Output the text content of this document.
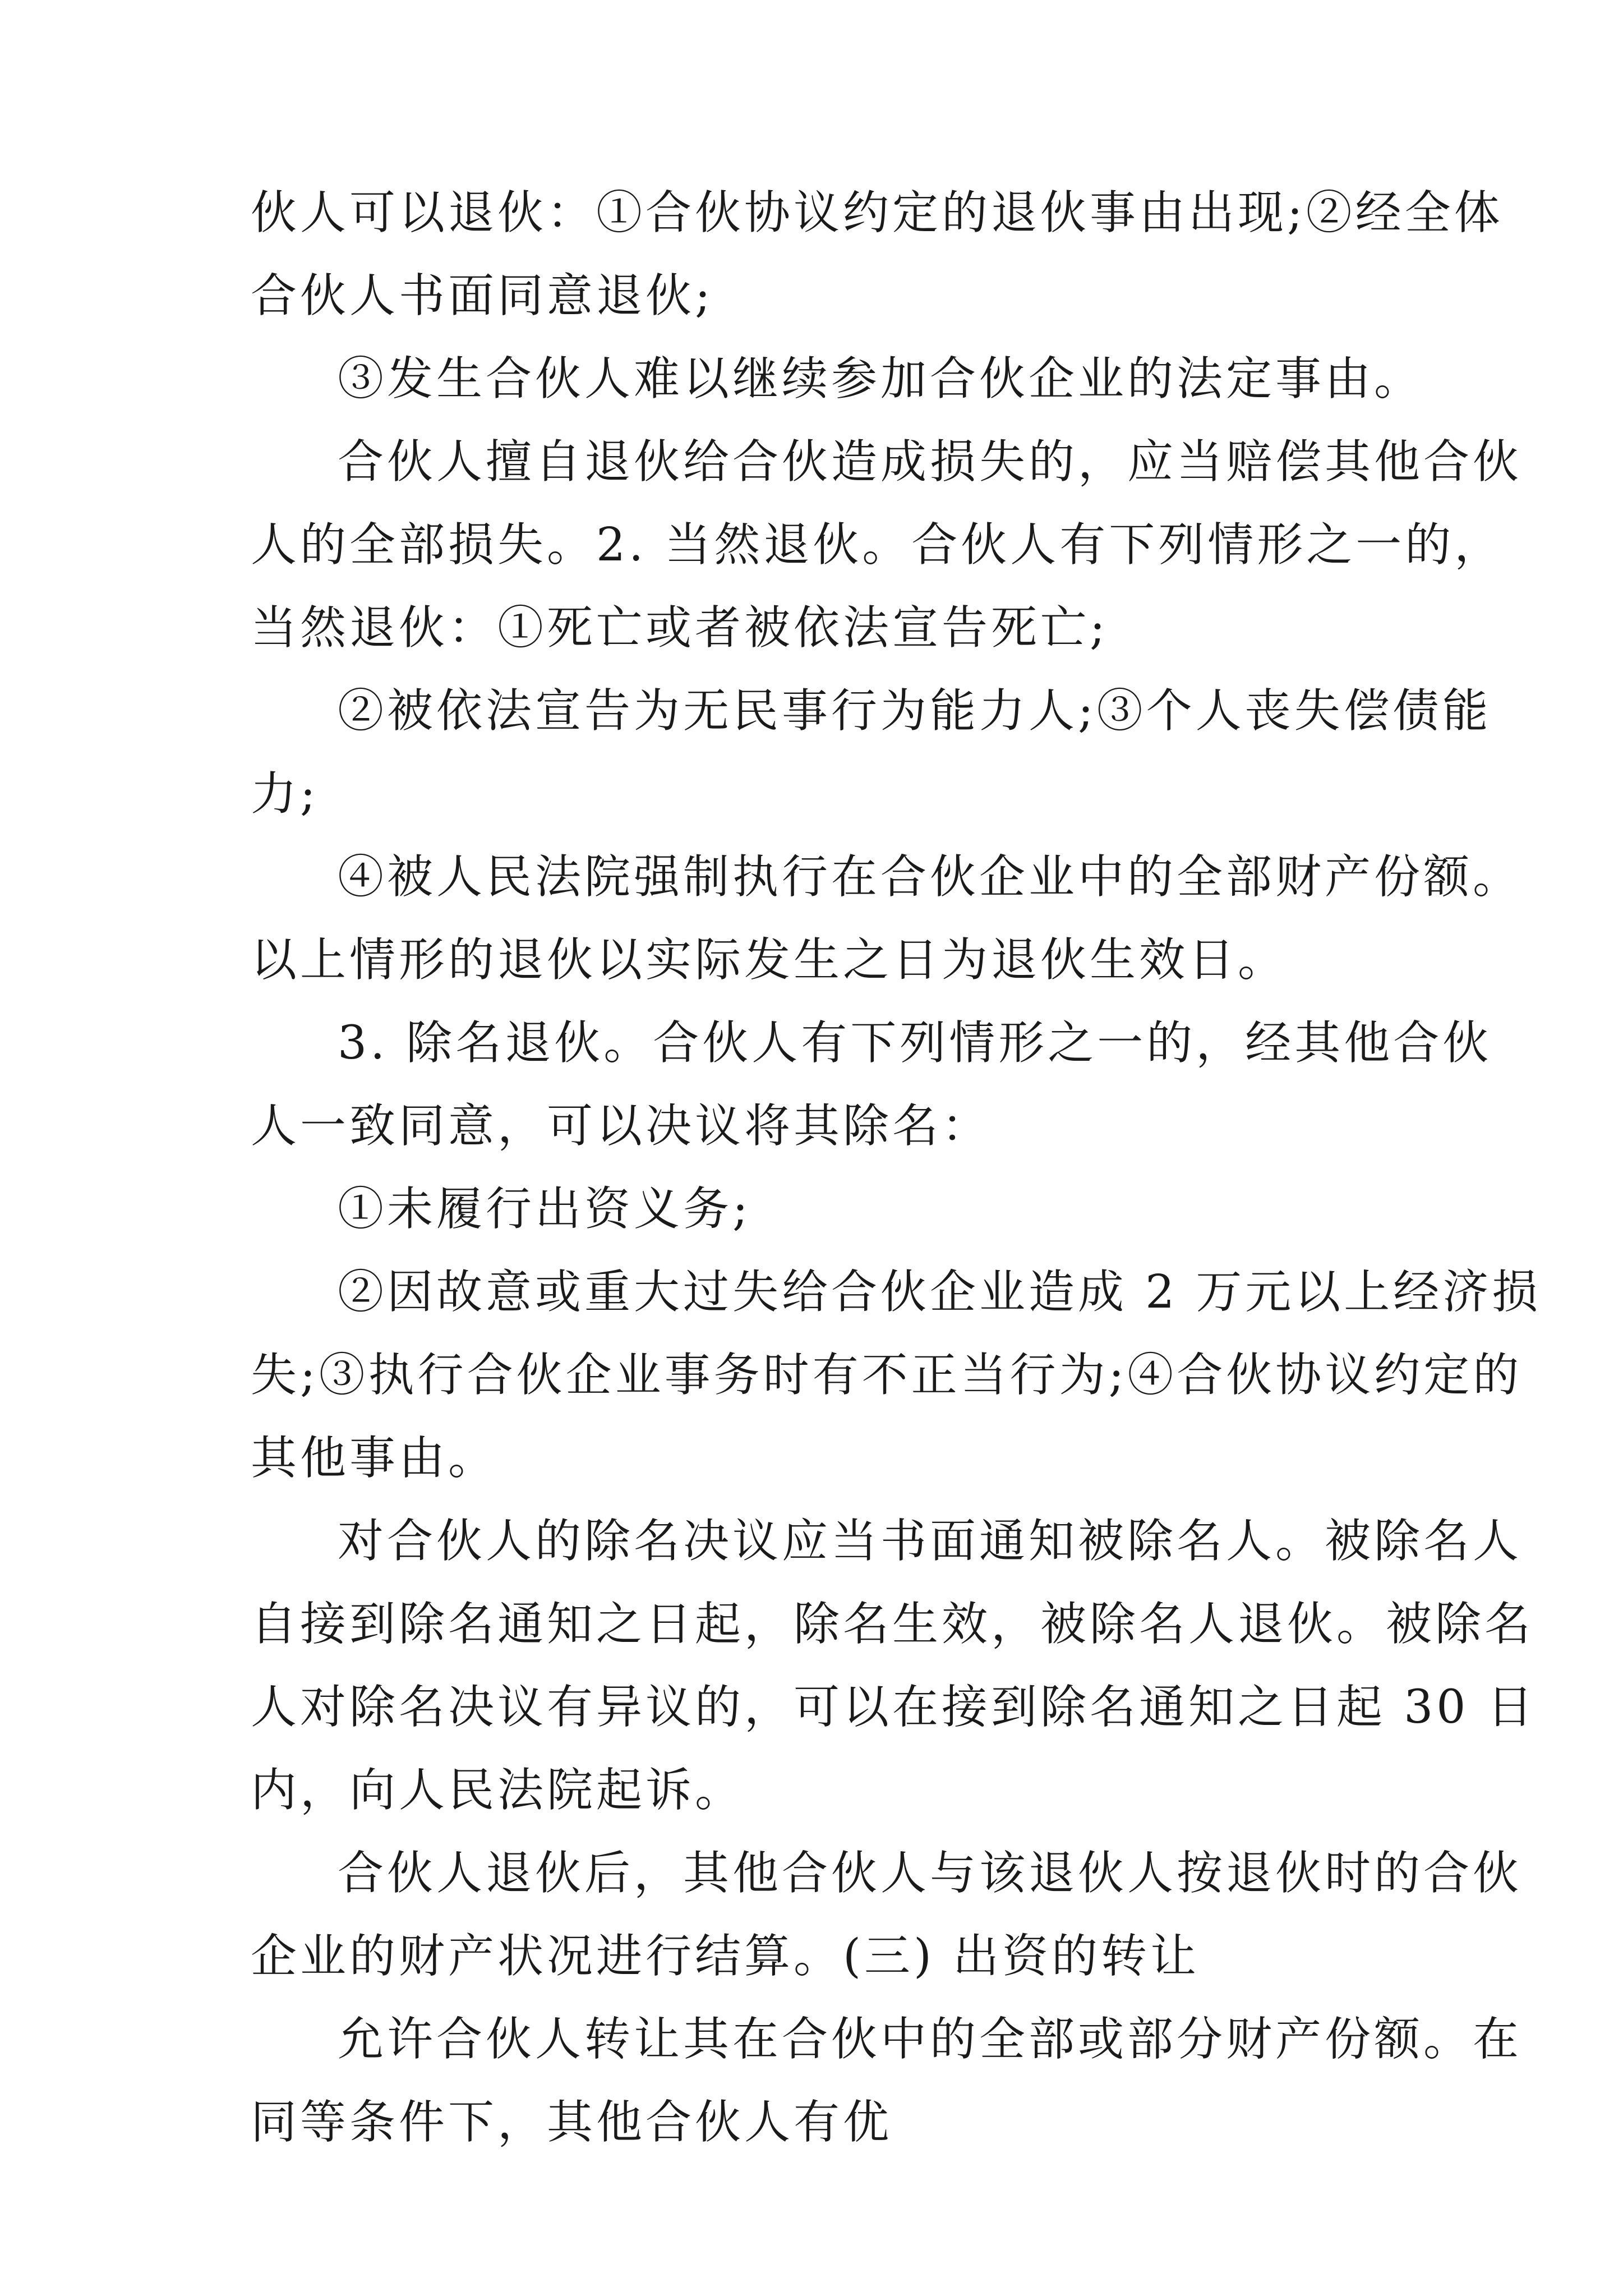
伙人可以退伙：①合伙协议约定的退伙事由出现;②经全体
合伙人书面同意退伙;
③发生合伙人难以继续参加合伙企业的法定事由。
合伙人擅自退伙给合伙造成损失的，应当赔偿其他合伙
人的全部损失。2. 当然退伙。合伙人有下列情形之一的，
当然退伙：①死亡或者被依法宣告死亡;
②被依法宣告为无民事行为能力人;③个人丧失偿债能
力;
④被人民法院强制执行在合伙企业中的全部财产份额。
以上情形的退伙以实际发生之日为退伙生效日。
3. 除名退伙。合伙人有下列情形之一的，经其他合伙
人一致同意，可以决议将其除名：
①未履行出资义务;
②因故意或重大过失给合伙企业造成 2 万元以上经济损
失;③执行合伙企业事务时有不正当行为;④合伙协议约定的
其他事由。
对合伙人的除名决议应当书面通知被除名人。被除名人
自接到除名通知之日起，除名生效，被除名人退伙。被除名
人对除名决议有异议的，可以在接到除名通知之日起 30 日
内，向人民法院起诉。
合伙人退伙后，其他合伙人与该退伙人按退伙时的合伙
企业的财产状况进行结算。(三) 出资的转让
允许合伙人转让其在合伙中的全部或部分财产份额。在
同等条件下，其他合伙人有优
